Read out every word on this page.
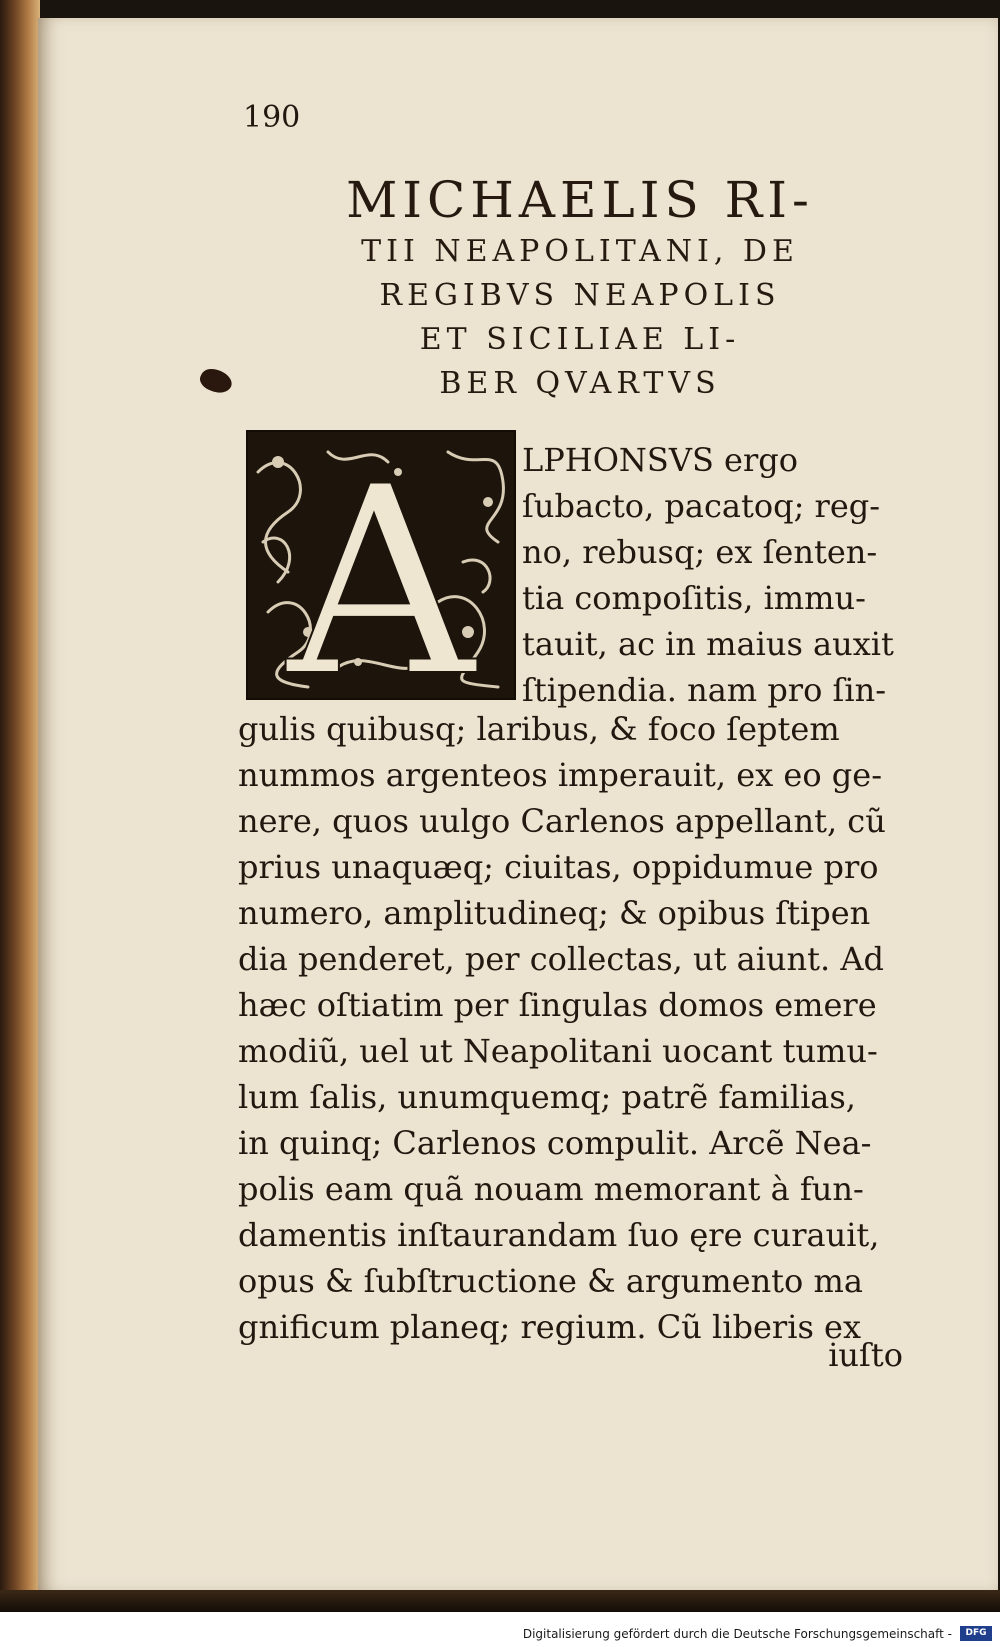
190
MICHAELIS RI-
TII NEAPOLITANI, DE
REGIBVS NEAPOLIS
ET SICILIAE LI-
BER QVARTVS
A LPHONSVS ergo
ſubacto, pacatoq; reg-
no, rebusq; ex ſenten-
tia compoſitis, immu-
tauit, ac in maius auxit
ſtipendia. nam pro ſin-
gulis quibusq; laribus, & foco ſeptem
nummos argenteos imperauit, ex eo ge-
nere, quos uulgo Carlenos appellant, cũ
prius unaquæq; ciuitas, oppidumue pro
numero, amplitudineq; & opibus ſtipen
dia penderet, per collectas, ut aiunt. Ad
hæc oſtiatim per ſingulas domos emere
modiũ, uel ut Neapolitani uocant tumu-
lum ſalis, unumquemq; patrẽ familias,
in quinq; Carlenos compulit. Arcẽ Nea-
polis eam quã nouam memorant à fun-
damentis inſtaurandam ſuo ęre curauit,
opus & ſubſtructione & argumento ma
gnificum planeq; regium. Cũ liberis ex
iuſto
Digitalisierung gefördert durch die Deutsche Forschungsgemeinschaft -	DFG
